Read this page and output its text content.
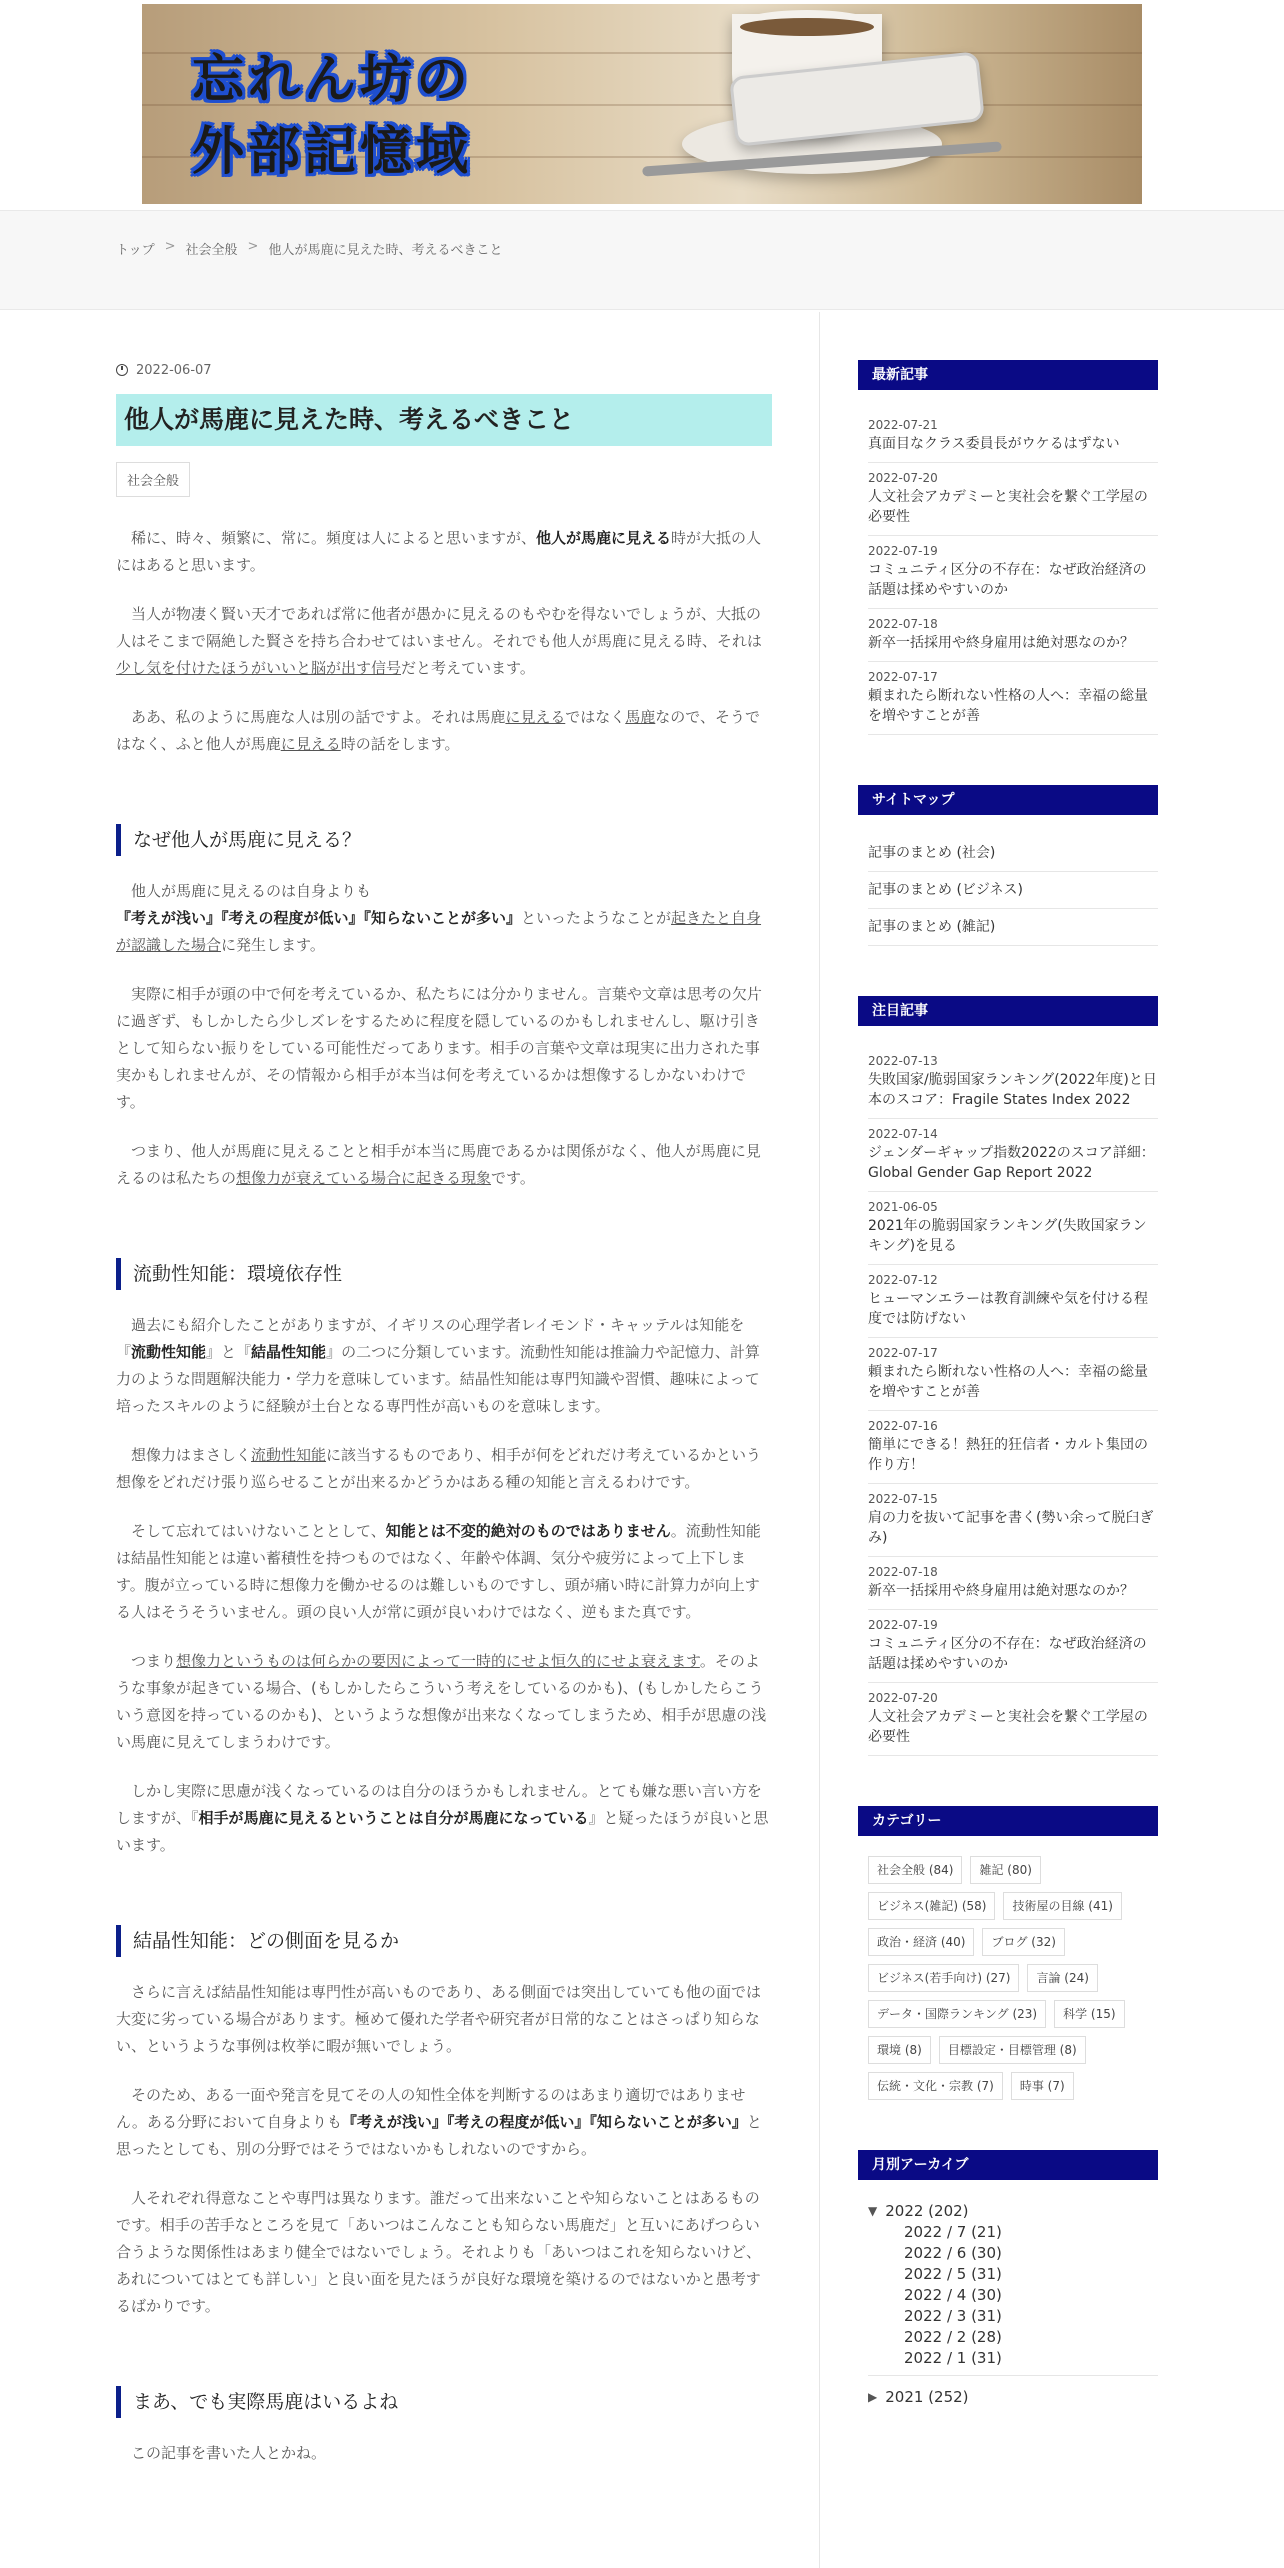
忘れん坊の
外部記憶域
トップ > 社会全般 > 他人が馬鹿に見えた時、考えるべきこと
2022-06-07
他人が馬鹿に見えた時、考えるべきこと
社会全般

稀に、時々、頻繁に、常に。頻度は人によると思いますが、他人が馬鹿に見える時が大抵の人にはあると思います。

当人が物凄く賢い天才であれば常に他者が愚かに見えるのもやむを得ないでしょうが、大抵の人はそこまで隔絶した賢さを持ち合わせてはいません。それでも他人が馬鹿に見える時、それは少し気を付けたほうがいいと脳が出す信号だと考えています。

ああ、私のように馬鹿な人は別の話ですよ。それは馬鹿に見えるではなく馬鹿なので、そうではなく、ふと他人が馬鹿に見える時の話をします。

なぜ他人が馬鹿に見える？

他人が馬鹿に見えるのは自身よりも『考えが浅い』『考えの程度が低い』『知らないことが多い』といったようなことが起きたと自身が認識した場合に発生します。

実際に相手が頭の中で何を考えているか、私たちには分かりません。言葉や文章は思考の欠片に過ぎず、もしかしたら少しズレをするために程度を隠しているのかもしれませんし、駆け引きとして知らない振りをしている可能性だってあります。相手の言葉や文章は現実に出力された事実かもしれませんが、その情報から相手が本当は何を考えているかは想像するしかないわけです。

つまり、他人が馬鹿に見えることと相手が本当に馬鹿であるかは関係がなく、他人が馬鹿に見えるのは私たちの想像力が衰えている場合に起きる現象です。

流動性知能：環境依存性

過去にも紹介したことがありますが、イギリスの心理学者レイモンド・キャッテルは知能を『流動性知能』と『結晶性知能』の二つに分類しています。流動性知能は推論力や記憶力、計算力のような問題解決能力・学力を意味しています。結晶性知能は専門知識や習慣、趣味によって培ったスキルのように経験が土台となる専門性が高いものを意味します。

想像力はまさしく流動性知能に該当するものであり、相手が何をどれだけ考えているかという想像をどれだけ張り巡らせることが出来るかどうかはある種の知能と言えるわけです。

そして忘れてはいけないこととして、知能とは不変的絶対のものではありません。流動性知能は結晶性知能とは違い蓄積性を持つものではなく、年齢や体調、気分や疲労によって上下します。腹が立っている時に想像力を働かせるのは難しいものですし、頭が痛い時に計算力が向上する人はそうそういません。頭の良い人が常に頭が良いわけではなく、逆もまた真です。

つまり想像力というものは何らかの要因によって一時的にせよ恒久的にせよ衰えます。そのような事象が起きている場合、(もしかしたらこういう考えをしているのかも)、(もしかしたらこういう意図を持っているのかも)、というような想像が出来なくなってしまうため、相手が思慮の浅い馬鹿に見えてしまうわけです。

しかし実際に思慮が浅くなっているのは自分のほうかもしれません。とても嫌な悪い言い方をしますが、『相手が馬鹿に見えるということは自分が馬鹿になっている』と疑ったほうが良いと思います。

結晶性知能：どの側面を見るか

さらに言えば結晶性知能は専門性が高いものであり、ある側面では突出していても他の面では大変に劣っている場合があります。極めて優れた学者や研究者が日常的なことはさっぱり知らない、というような事例は枚挙に暇が無いでしょう。

そのため、ある一面や発言を見てその人の知性全体を判断するのはあまり適切ではありません。ある分野において自身よりも『考えが浅い』『考えの程度が低い』『知らないことが多い』と思ったとしても、別の分野ではそうではないかもしれないのですから。

人それぞれ得意なことや専門は異なります。誰だって出来ないことや知らないことはあるものです。相手の苦手なところを見て「あいつはこんなことも知らない馬鹿だ」と互いにあげつらい合うような関係性はあまり健全ではないでしょう。それよりも「あいつはこれを知らないけど、あれについてはとても詳しい」と良い面を見たほうが良好な環境を築けるのではないかと愚考するばかりです。

まあ、でも実際馬鹿はいるよね

この記事を書いた人とかね。

最新記事
2022-07-21
真面目なクラス委員長がウケるはずない
2022-07-20
人文社会アカデミーと実社会を繋ぐ工学屋の必要性
2022-07-19
コミュニティ区分の不存在：なぜ政治経済の話題は揉めやすいのか
2022-07-18
新卒一括採用や終身雇用は絶対悪なのか？
2022-07-17
頼まれたら断れない性格の人へ：幸福の総量を増やすことが善
サイトマップ
記事のまとめ (社会)
記事のまとめ (ビジネス)
記事のまとめ (雑記)
注目記事
2022-07-13
失敗国家/脆弱国家ランキング(2022年度)と日本のスコア：Fragile States Index 2022
2022-07-14
ジェンダーギャップ指数2022のスコア詳細：Global Gender Gap Report 2022
2021-06-05
2021年の脆弱国家ランキング(失敗国家ランキング)を見る
2022-07-12
ヒューマンエラーは教育訓練や気を付ける程度では防げない
2022-07-17
頼まれたら断れない性格の人へ：幸福の総量を増やすことが善
2022-07-16
簡単にできる！熱狂的狂信者・カルト集団の作り方！
2022-07-15
肩の力を抜いて記事を書く(勢い余って脱臼ぎみ)
2022-07-18
新卒一括採用や終身雇用は絶対悪なのか？
2022-07-19
コミュニティ区分の不存在：なぜ政治経済の話題は揉めやすいのか
2022-07-20
人文社会アカデミーと実社会を繋ぐ工学屋の必要性
カテゴリー
社会全般 (84)	雑記 (80)
ビジネス(雑記) (58)	技術屋の目線 (41)
政治・経済 (40)	ブログ (32)
ビジネス(若手向け) (27)	言論 (24)
データ・国際ランキング (23)	科学 (15)
環境 (8)	目標設定・目標管理 (8)
伝統・文化・宗教 (7)	時事 (7)
月別アーカイブ
▼ 2022 (202)
2022 / 7 (21)
2022 / 6 (30)
2022 / 5 (31)
2022 / 4 (30)
2022 / 3 (31)
2022 / 2 (28)
2022 / 1 (31)
▶ 2021 (252)
